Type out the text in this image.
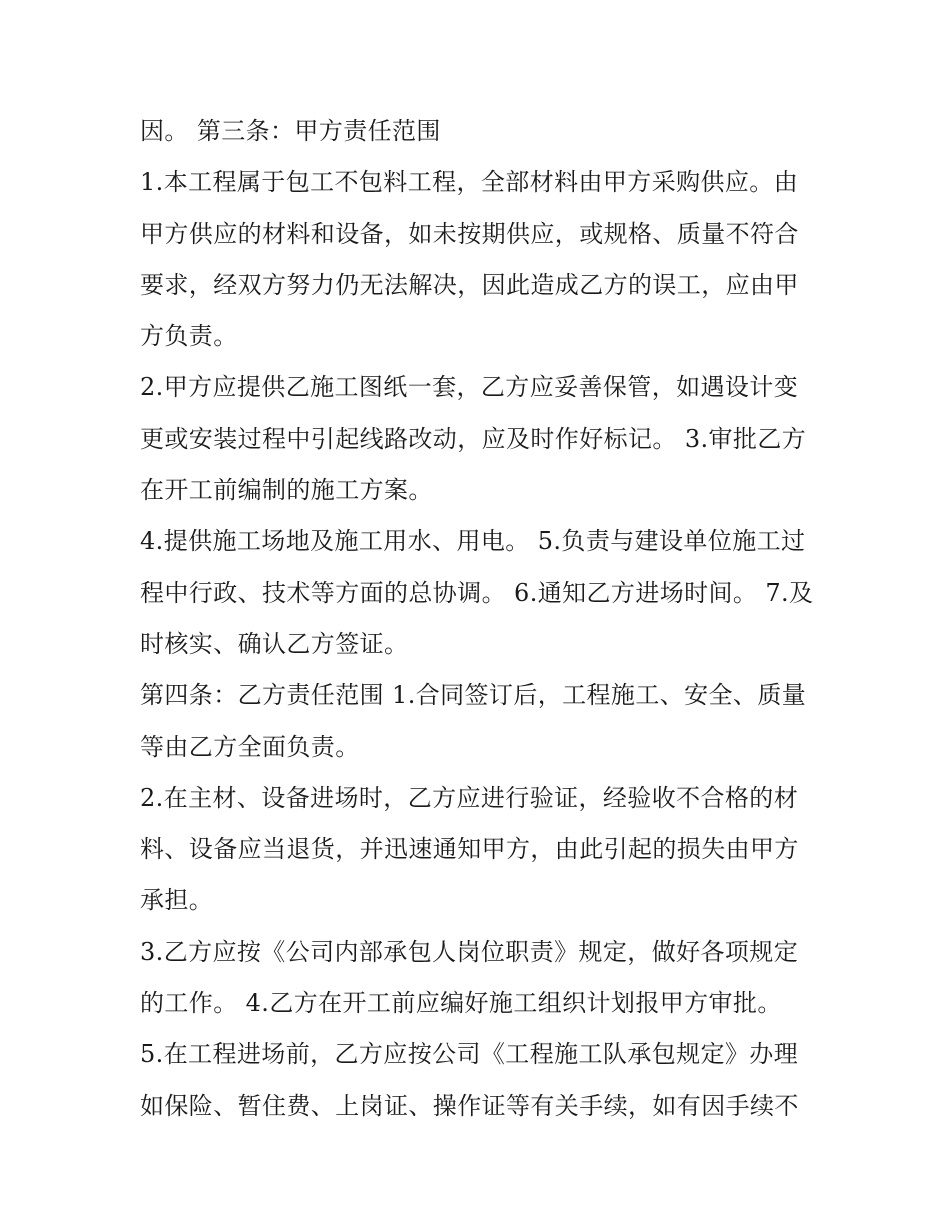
因。 第三条：甲方责任范围
1.本工程属于包工不包料工程，全部材料由甲方采购供应。由
甲方供应的材料和设备，如未按期供应，或规格、质量不符合
要求，经双方努力仍无法解决，因此造成乙方的误工，应由甲
方负责。
2.甲方应提供乙施工图纸一套，乙方应妥善保管，如遇设计变
更或安装过程中引起线路改动，应及时作好标记。 3.审批乙方
在开工前编制的施工方案。
4.提供施工场地及施工用水、用电。 5.负责与建设单位施工过
程中行政、技术等方面的总协调。 6.通知乙方进场时间。 7.及
时核实、确认乙方签证。
第四条：乙方责任范围 1.合同签订后，工程施工、安全、质量
等由乙方全面负责。
2.在主材、设备进场时，乙方应进行验证，经验收不合格的材
料、设备应当退货，并迅速通知甲方，由此引起的损失由甲方
承担。
3.乙方应按《公司内部承包人岗位职责》规定，做好各项规定
的工作。 4.乙方在开工前应编好施工组织计划报甲方审批。
5.在工程进场前，乙方应按公司《工程施工队承包规定》办理
如保险、暂住费、上岗证、操作证等有关手续，如有因手续不
